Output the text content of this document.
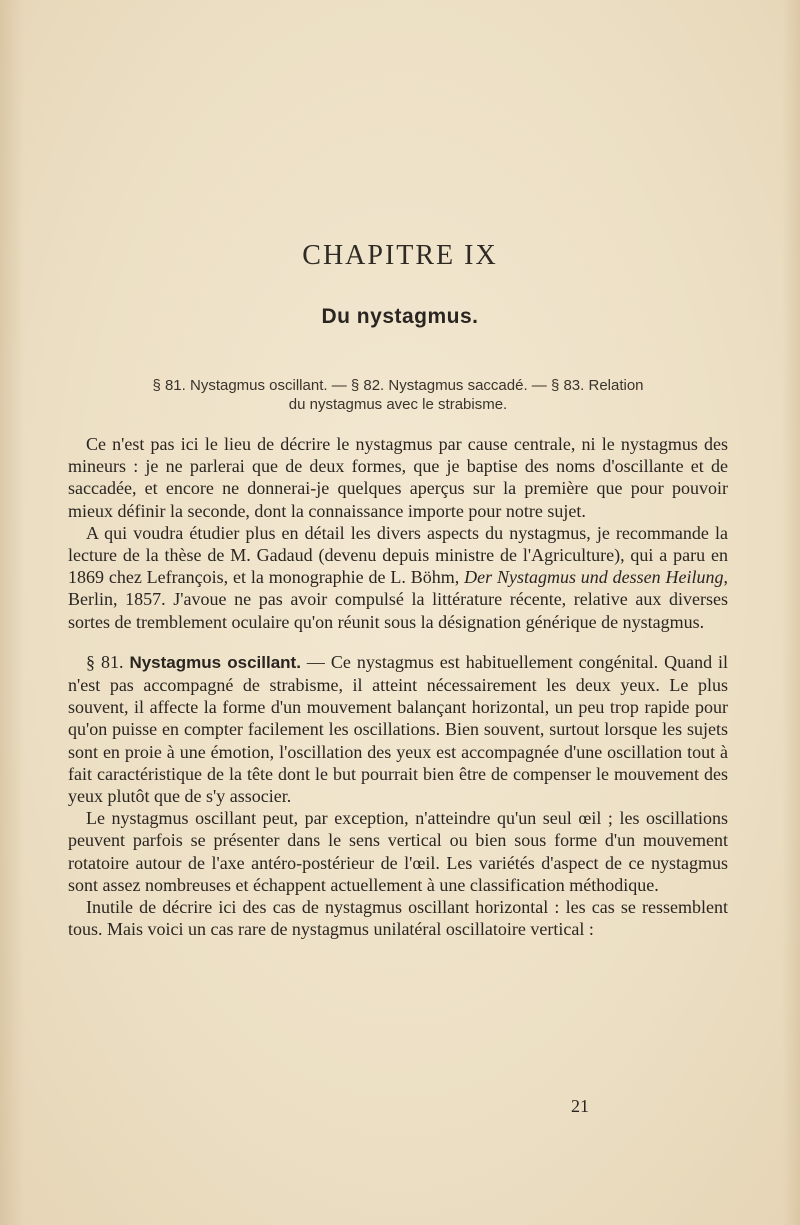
CHAPITRE IX
Du nystagmus.
§ 81. Nystagmus oscillant. — § 82. Nystagmus saccadé. — § 83. Relation
du nystagmus avec le strabisme.

Ce n'est pas ici le lieu de décrire le nystagmus par cause centrale, ni le nystagmus des mineurs : je ne parlerai que de deux formes, que je baptise des noms d'oscillante et de saccadée, et encore ne donnerai-je quelques aperçus sur la première que pour pouvoir mieux définir la seconde, dont la connaissance importe pour notre sujet.

A qui voudra étudier plus en détail les divers aspects du nystagmus, je recommande la lecture de la thèse de M. Gadaud (devenu depuis ministre de l'Agriculture), qui a paru en 1869 chez Lefrançois, et la monographie de L. Böhm, Der Nystagmus und dessen Heilung, Berlin, 1857. J'avoue ne pas avoir compulsé la littérature récente, relative aux diverses sortes de tremblement oculaire qu'on réunit sous la désignation générique de nystagmus.

§ 81. Nystagmus oscillant. — Ce nystagmus est habituellement congénital. Quand il n'est pas accompagné de strabisme, il atteint nécessairement les deux yeux. Le plus souvent, il affecte la forme d'un mouvement balançant horizontal, un peu trop rapide pour qu'on puisse en compter facilement les oscillations. Bien souvent, surtout lorsque les sujets sont en proie à une émotion, l'oscillation des yeux est accompagnée d'une oscillation tout à fait caractéristique de la tête dont le but pourrait bien être de compenser le mouvement des yeux plutôt que de s'y associer.

Le nystagmus oscillant peut, par exception, n'atteindre qu'un seul œil ; les oscillations peuvent parfois se présenter dans le sens vertical ou bien sous forme d'un mouvement rotatoire autour de l'axe antéro-postérieur de l'œil. Les variétés d'aspect de ce nystagmus sont assez nombreuses et échappent actuellement à une classification méthodique.

Inutile de décrire ici des cas de nystagmus oscillant horizontal : les cas se ressemblent tous. Mais voici un cas rare de nystagmus unilatéral oscillatoire vertical :

21
